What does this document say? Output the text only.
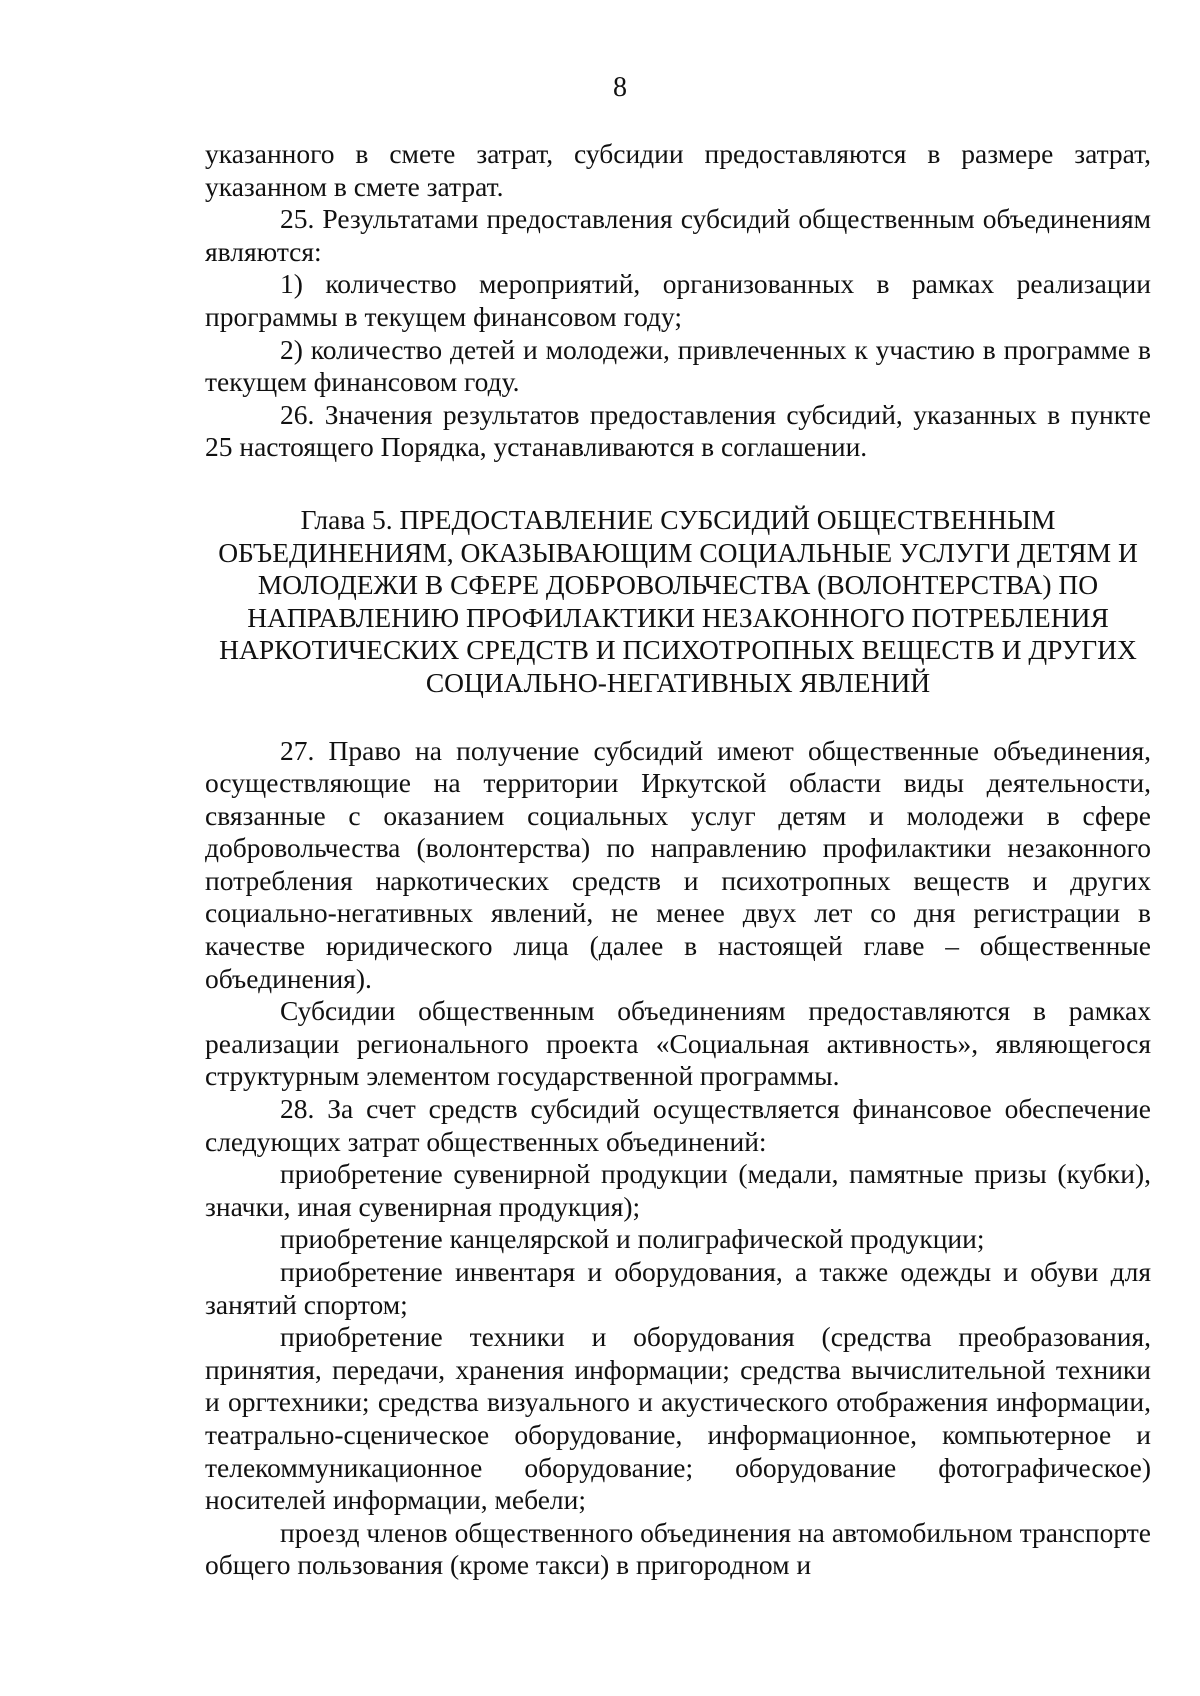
8

указанного в смете затрат, субсидии предоставляются в размере затрат, указанном в смете затрат.

25. Результатами предоставления субсидий общественным объединениям являются:

1) количество мероприятий, организованных в рамках реализации программы в текущем финансовом году;

2) количество детей и молодежи, привлеченных к участию в программе в текущем финансовом году.

26. Значения результатов предоставления субсидий, указанных в пункте 25 настоящего Порядка, устанавливаются в соглашении.

Глава 5. ПРЕДОСТАВЛЕНИЕ СУБСИДИЙ ОБЩЕСТВЕННЫМ ОБЪЕДИНЕНИЯМ, ОКАЗЫВАЮЩИМ СОЦИАЛЬНЫЕ УСЛУГИ ДЕТЯМ И МОЛОДЕЖИ В СФЕРЕ ДОБРОВОЛЬЧЕСТВА (ВОЛОНТЕРСТВА) ПО НАПРАВЛЕНИЮ ПРОФИЛАКТИКИ НЕЗАКОННОГО ПОТРЕБЛЕНИЯ НАРКОТИЧЕСКИХ СРЕДСТВ И ПСИХОТРОПНЫХ ВЕЩЕСТВ И ДРУГИХ СОЦИАЛЬНО-НЕГАТИВНЫХ ЯВЛЕНИЙ

27. Право на получение субсидий имеют общественные объединения, осуществляющие на территории Иркутской области виды деятельности, связанные с оказанием социальных услуг детям и молодежи в сфере добровольчества (волонтерства) по направлению профилактики незаконного потребления наркотических средств и психотропных веществ и других социально-негативных явлений, не менее двух лет со дня регистрации в качестве юридического лица (далее в настоящей главе – общественные объединения).

Субсидии общественным объединениям предоставляются в рамках реализации регионального проекта «Социальная активность», являющегося структурным элементом государственной программы.

28. За счет средств субсидий осуществляется финансовое обеспечение следующих затрат общественных объединений:

приобретение сувенирной продукции (медали, памятные призы (кубки), значки, иная сувенирная продукция);

приобретение канцелярской и полиграфической продукции;

приобретение инвентаря и оборудования, а также одежды и обуви для занятий спортом;

приобретение техники и оборудования (средства преобразования, принятия, передачи, хранения информации; средства вычислительной техники и оргтехники; средства визуального и акустического отображения информации, театрально-сценическое оборудование, информационное, компьютерное и телекоммуникационное оборудование; оборудование фотографическое) носителей информации, мебели;

проезд членов общественного объединения на автомобильном транспорте общего пользования (кроме такси) в пригородном и
